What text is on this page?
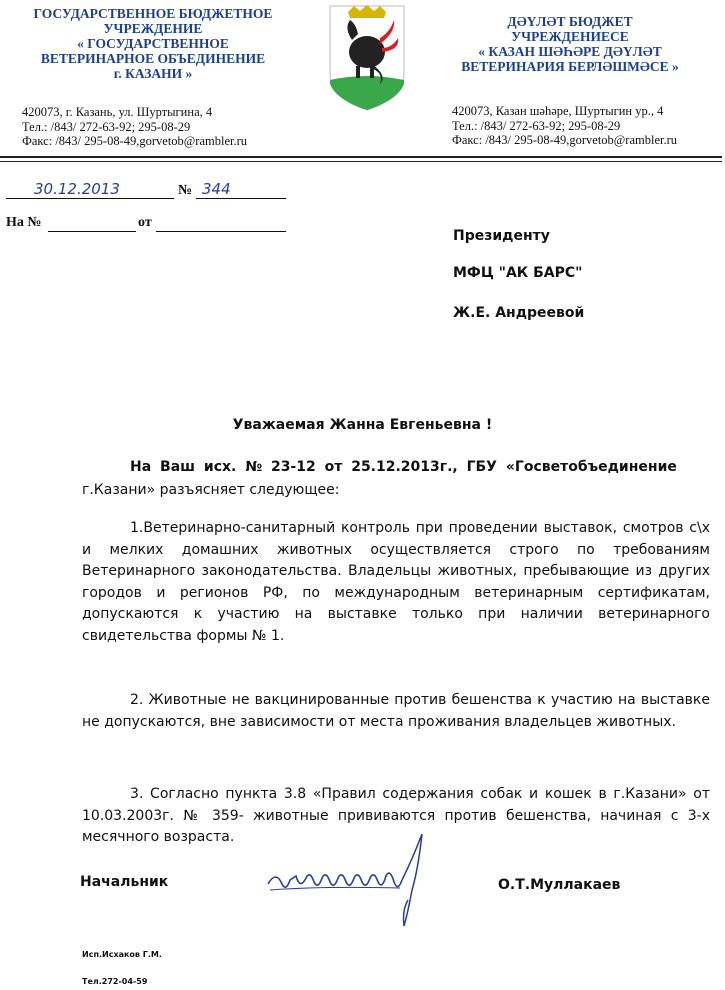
ГОСУДАРСТВЕННОЕ БЮДЖЕТНОЕ
УЧРЕЖДЕНИЕ
« ГОСУДАРСТВЕННОЕ
ВЕТЕРИНАРНОЕ ОБЪЕДИНЕНИЕ
г. КАЗАНИ »
420073, г. Казань, ул. Шуртыгина, 4
Тел.: /843/ 272-63-92; 295-08-29
Факс: /843/ 295-08-49,gorvetob@rambler.ru
ДӘҮЛӘТ БЮДЖЕТ
УЧРЕЖДЕНИЕСЕ
« КАЗАН ШӘҺӘРЕ ДӘҮЛӘТ
ВЕТЕРИНАРИЯ БЕРЛӘШМӘСЕ »
420073, Казан шәһәре, Шуртыгин ур., 4
Тел.: /843/ 272-63-92; 295-08-29
Факс: /843/ 295-08-49,gorvetob@rambler.ru
30.12.2013	№ 344
На №	от
Президенту
МФЦ "АК БАРС"
Ж.Е. Андреевой
Уважаемая Жанна Евгеньевна !
На Ваш исх. № 23-12 от 25.12.2013г., ГБУ «Госветобъединение
г.Казани» разъясняет следующее:
1.Ветеринарно-санитарный контроль при проведении выставок, смотров с\х и мелких домашних животных осуществляется строго по требованиям Ветеринарного законодательства. Владельцы животных, пребывающие из других городов и регионов РФ, по международным ветеринарным сертификатам, допускаются к участию на выставке только при наличии ветеринарного свидетельства формы № 1.
2. Животные не вакцинированные против бешенства к участию на выставке не допускаются, вне зависимости от места проживания владельцев животных.
3. Согласно пункта 3.8 «Правил содержания собак и кошек в г.Казани» от 10.03.2003г. № 359- животные прививаются против бешенства, начиная с 3-х месячного возраста.
Начальник	О.Т.Муллакаев
Исп.Исхаков Г.М.
Тел.272-04-59
